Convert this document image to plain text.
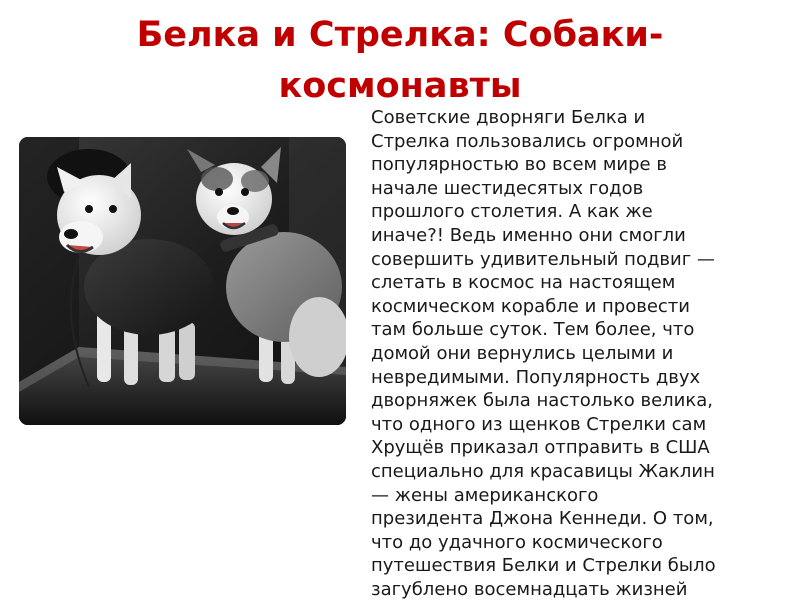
Белка и Стрелка: Собаки-
космонавты

Советские дворняги Белка и
Стрелка пользовались огромной
популярностью во всем мире в
начале шестидесятых годов
прошлого столетия. А как же
иначе?! Ведь именно они смогли
совершить удивительный подвиг —
слетать в космос на настоящем
космическом корабле и провести
там больше суток. Тем более, что
домой они вернулись целыми и
невредимыми. Популярность двух
дворняжек была настолько велика,
что одного из щенков Стрелки сам
Хрущёв приказал отправить в США
специально для красавицы Жаклин
— жены американского
президента Джона Кеннеди. О том,
что до удачного космического
путешествия Белки и Стрелки было
загублено восемнадцать жизней
